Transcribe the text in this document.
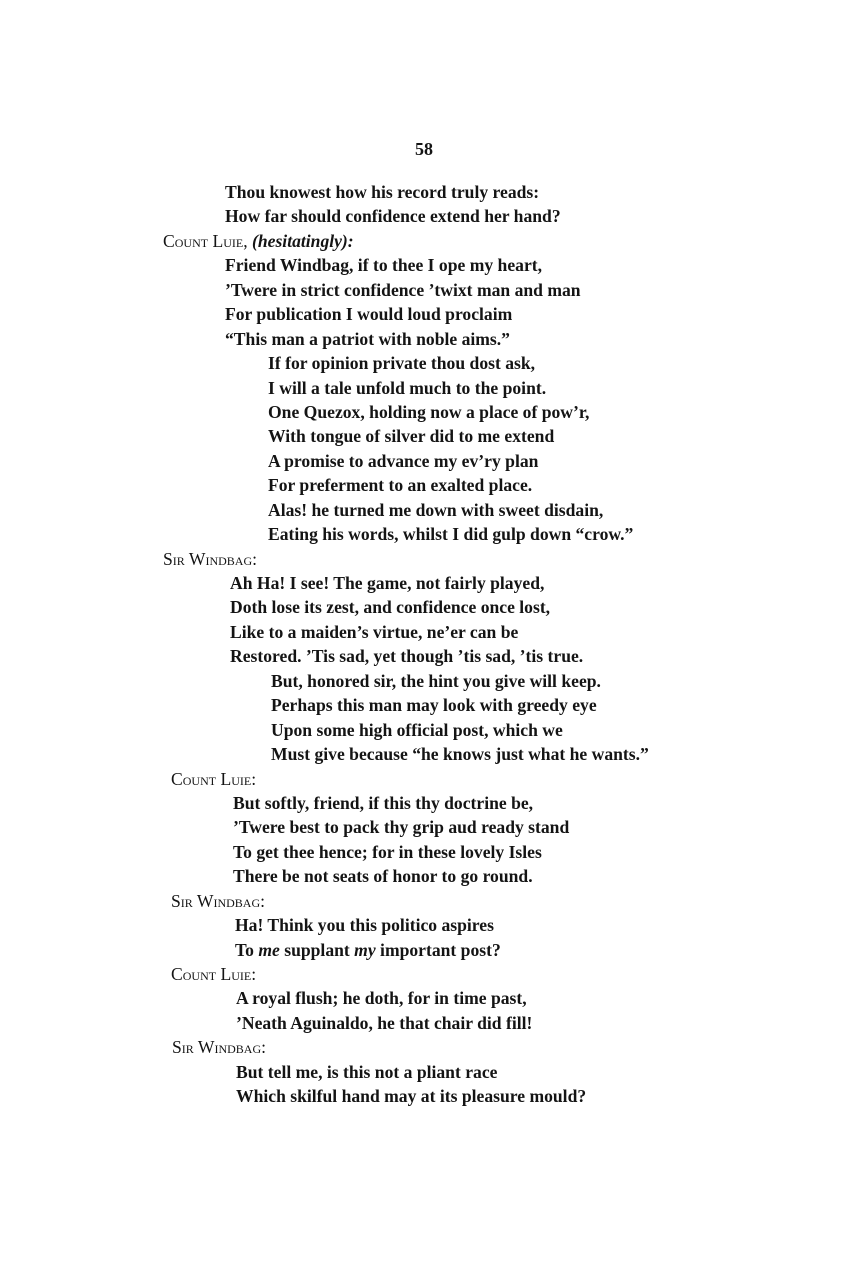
58
Thou knowest how his record truly reads:
How far should confidence extend her hand?
Count Luie, (hesitatingly):
Friend Windbag, if to thee I ope my heart,
’Twere in strict confidence ’twixt man and man
For publication I would loud proclaim
“This man a patriot with noble aims.”
If for opinion private thou dost ask,
I will a tale unfold much to the point.
One Quezox, holding now a place of pow’r,
With tongue of silver did to me extend
A promise to advance my ev’ry plan
For preferment to an exalted place.
Alas! he turned me down with sweet disdain,
Eating his words, whilst I did gulp down “crow.”
Sir Windbag:
Ah Ha! I see! The game, not fairly played,
Doth lose its zest, and confidence once lost,
Like to a maiden’s virtue, ne’er can be
Restored. ’Tis sad, yet though ’tis sad, ’tis true.
But, honored sir, the hint you give will keep.
Perhaps this man may look with greedy eye
Upon some high official post, which we
Must give because “he knows just what he wants.”
Count Luie:
But softly, friend, if this thy doctrine be,
’Twere best to pack thy grip aud ready stand
To get thee hence; for in these lovely Isles
There be not seats of honor to go round.
Sir Windbag:
Ha! Think you this politico aspires
To me supplant my important post?
Count Luie:
A royal flush; he doth, for in time past,
’Neath Aguinaldo, he that chair did fill!
Sir Windbag:
But tell me, is this not a pliant race
Which skilful hand may at its pleasure mould?
